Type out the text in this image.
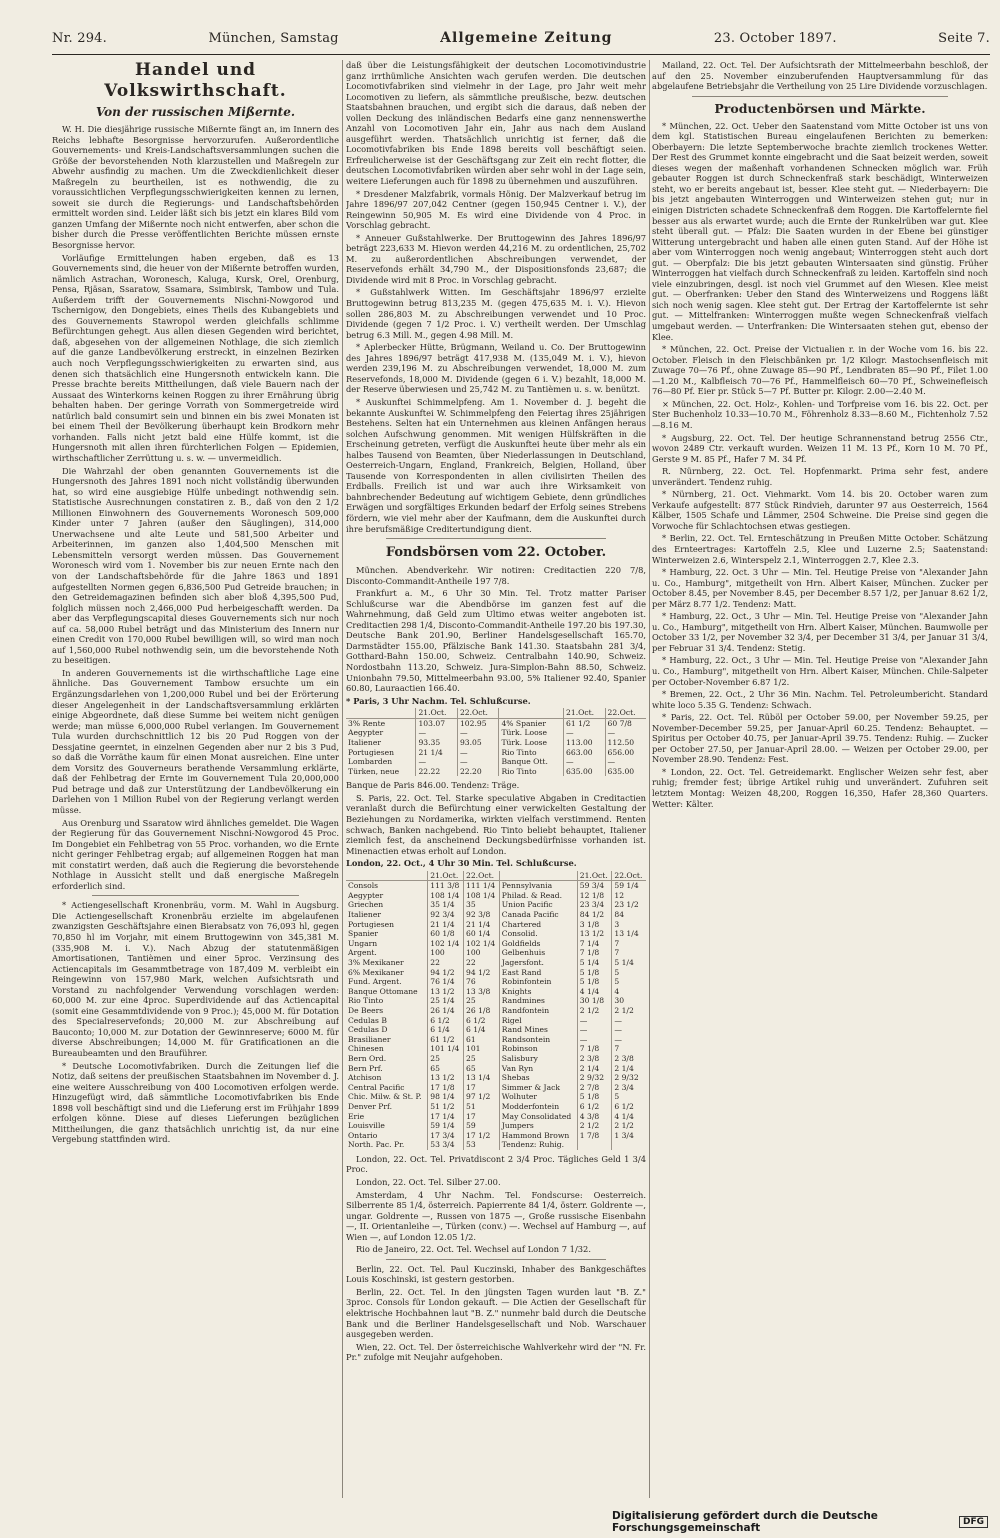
Nr. 294.	München, Samstag	Allgemeine Zeitung	23. October 1897.	Seite 7.
Handel und Volkswirthschaft.
Von der russischen Mißernte.

W. H. Die diesjährige russische Mißernte fängt an, im Innern des Reichs lebhafte Besorgnisse hervorzurufen. Außerordentliche Gouvernements- und Kreis-Landschaftsversammlungen suchen die Größe der bevorstehenden Noth klarzustellen und Maßregeln zur Abwehr ausfindig zu machen. Um die Zweckdienlichkeit dieser Maßregeln zu beurtheilen, ist es nothwendig, die zu voraussichtlichen Verpflegungsschwierigkeiten kennen zu lernen, soweit sie durch die Regierungs- und Landschaftsbehörden ermittelt worden sind. Leider läßt sich bis jetzt ein klares Bild vom ganzen Umfang der Mißernte noch nicht entwerfen, aber schon die bisher durch die Presse veröffentlichten Berichte müssen ernste Besorgnisse hervor.

Vorläufige Ermittelungen haben ergeben, daß es 13 Gouvernements sind, die heuer von der Mißernte betroffen wurden, nämlich Astrachan, Woronesch, Kaluga, Kursk, Orel, Orenburg, Pensa, Rjäsan, Ssaratow, Ssamara, Ssimbirsk, Tambow und Tula. Außerdem trifft der Gouvernements Nischni-Nowgorod und Tschernigow, den Dongebiets, eines Theils des Kubangebiets und des Gouvernements Stawropol werden gleichfalls schlimme Befürchtungen gehegt. Aus allen diesen Gegenden wird berichtet, daß, abgesehen von der allgemeinen Nothlage, die sich ziemlich auf die ganze Landbevölkerung erstreckt, in einzelnen Bezirken auch noch Verpflegungsschwierigkeiten zu erwarten sind, aus denen sich thatsächlich eine Hungersnoth entwickeln kann. Die Presse brachte bereits Mittheilungen, daß viele Bauern nach der Aussaat des Winterkorns keinen Roggen zu ihrer Ernährung übrig behalten haben. Der geringe Vorrath von Sommergetreide wird natürlich bald consumirt sein und binnen ein bis zwei Monaten ist bei einem Theil der Bevölkerung überhaupt kein Brodkorn mehr vorhanden. Falls nicht jetzt bald eine Hülfe kommt, ist die Hungersnoth mit allen ihren fürchterlichen Folgen — Epidemien, wirthschaftlicher Zerrüttung u. s. w. — unvermeidlich.

Die Wahrzahl der oben genannten Gouvernements ist die Hungersnoth des Jahres 1891 noch nicht vollständig überwunden hat, so wird eine ausgiebige Hülfe unbedingt nothwendig sein. Statistische Ausrechnungen constatiren z. B., daß von den 2 1/2 Millionen Einwohnern des Gouvernements Woronesch 509,000 Kinder unter 7 Jahren (außer den Säuglingen), 314,000 Unerwachsene und alte Leute und 581,500 Arbeiter und Arbeiterinnen, im ganzen also 1,404,500 Menschen mit Lebensmitteln versorgt werden müssen. Das Gouvernement Woronesch wird vom 1. November bis zur neuen Ernte nach den von der Landschaftsbehörde für die Jahre 1863 und 1891 aufgestellten Normen gegen 6,836,500 Pud Getreide brauchen; in den Getreidemagazinen befinden sich aber bloß 4,395,500 Pud, folglich müssen noch 2,466,000 Pud herbeigeschafft werden. Da aber das Verpflegungscapital dieses Gouvernements sich nur noch auf ca. 58,000 Rubel beträgt und das Ministerium des Innern nur einen Credit von 170,000 Rubel bewilligen will, so wird man noch auf 1,560,000 Rubel nothwendig sein, um die bevorstehende Noth zu beseitigen.

In anderen Gouvernements ist die wirthschaftliche Lage eine ähnliche. Das Gouvernement Tambow ersuchte um ein Ergänzungsdarlehen von 1,200,000 Rubel und bei der Erörterung dieser Angelegenheit in der Landschaftsversammlung erklärten einige Abgeordnete, daß diese Summe bei weitem nicht genügen werde; man müsse 6,000,000 Rubel verlangen. Im Gouvernement Tula wurden durchschnittlich 12 bis 20 Pud Roggen von der Dessjatine geerntet, in einzelnen Gegenden aber nur 2 bis 3 Pud, so daß die Vorräthe kaum für einen Monat ausreichen. Eine unter dem Vorsitz des Gouverneurs berathende Versammlung erklärte, daß der Fehlbetrag der Ernte im Gouvernement Tula 20,000,000 Pud betrage und daß zur Unterstützung der Landbevölkerung ein Darlehen von 1 Million Rubel von der Regierung verlangt werden müsse.

Aus Orenburg und Ssaratow wird ähnliches gemeldet. Die Wagen der Regierung für das Gouvernement Nischni-Nowgorod 45 Proc. Im Dongebiet ein Fehlbetrag von 55 Proc. vorhanden, wo die Ernte nicht geringer Fehlbetrag ergab; auf allgemeinen Roggen hat man mit constatirt werden, daß auch die Regierung die bevorstehende Nothlage in Aussicht stellt und daß energische Maßregeln erforderlich sind.

* Actiengesellschaft Kronenbräu, vorm. M. Wahl in Augsburg. Die Actiengesellschaft Kronenbräu erzielte im abgelaufenen zwanzigsten Geschäftsjahre einen Bierabsatz von 76,093 hl, gegen 70,850 hl im Vorjahr, mit einem Bruttogewinn von 345,381 M. (335,908 M. i. V.). Nach Abzug der statutenmäßigen Amortisationen, Tantièmen und einer 5proc. Verzinsung des Actiencapitals im Gesammtbetrage von 187,409 M. verbleibt ein Reingewinn von 157,980 Mark, welchen Aufsichtsrath und Vorstand zu nachfolgender Verwendung vorschlagen werden: 60,000 M. zur eine 4proc. Superdividende auf das Actiencapital (somit eine Gesammtdividende von 9 Proc.); 45,000 M. für Dotation des Specialreservefonds; 20,000 M. zur Abschreibung auf Bauconto; 10,000 M. zur Dotation der Gewinnreserve; 6000 M. für diverse Abschreibungen; 14,000 M. für Gratificationen an die Bureaubeamten und den Brauführer.

* Deutsche Locomotivfabriken. Durch die Zeitungen lief die Notiz, daß seitens der preußischen Staatsbahnen im November d. J. eine weitere Ausschreibung von 400 Locomotiven erfolgen werde. Hinzugefügt wird, daß sämmtliche Locomotivfabriken bis Ende 1898 voll beschäftigt sind und die Lieferung erst im Frühjahr 1899 erfolgen könne. Diese auf dieses Lieferungen bezüglichen Mittheilungen, die ganz thatsächlich unrichtig ist, da nur eine Vergebung stattfinden wird.

daß über die Leistungsfähigkeit der deutschen Locomotivindustrie ganz irrthümliche Ansichten wach gerufen werden. Die deutschen Locomotivfabriken sind vielmehr in der Lage, pro Jahr weit mehr Locomotiven zu liefern, als sämmtliche preußische, bezw. deutschen Staatsbahnen brauchen, und ergibt sich die daraus, daß neben der vollen Deckung des inländischen Bedarfs eine ganz nennenswerthe Anzahl von Locomotiven Jahr ein, Jahr aus nach dem Ausland ausgeführt werden. Thatsächlich unrichtig ist ferner, daß die Locomotivfabriken bis Ende 1898 bereits voll beschäftigt seien. Erfreulicherweise ist der Geschäftsgang zur Zeit ein recht flotter, die deutschen Locomotivfabriken würden aber sehr wohl in der Lage sein, weitere Lieferungen auch für 1898 zu übernehmen und auszuführen.

* Dresdener Malzfabrik, vormals Hönig. Der Malzverkauf betrug im Jahre 1896/97 207,042 Centner (gegen 150,945 Centner i. V.), der Reingewinn 50,905 M. Es wird eine Dividende von 4 Proc. in Vorschlag gebracht.

* Anneuer Gußstahlwerke. Der Bruttogewinn des Jahres 1896/97 beträgt 223,633 M. Hievon werden 44,216 M. zu ordentlichen, 25,702 M. zu außerordentlichen Abschreibungen verwendet, der Reservefonds erhält 34,790 M., der Dispositionsfonds 23,687; die Dividende wird mit 8 Proc. in Vorschlag gebracht.

* Gußstahlwerk Witten. Im Geschäftsjahr 1896/97 erzielte Bruttogewinn betrug 813,235 M. (gegen 475,635 M. i. V.). Hievon sollen 286,803 M. zu Abschreibungen verwendet und 10 Proc. Dividende (gegen 7 1/2 Proc. i. V.) vertheilt werden. Der Umschlag betrug 6.3 Mill. M., gegen 4.98 Mill. M.

* Aplerbecker Hütte, Brügmann, Weiland u. Co. Der Bruttogewinn des Jahres 1896/97 beträgt 417,938 M. (135,049 M. i. V.), hievon werden 239,196 M. zu Abschreibungen verwendet, 18,000 M. zum Reservefonds, 18,000 M. Dividende (gegen 6 i. V.) bezahlt, 18,000 M. der Reserve überwiesen und 25,742 M. zu Tantièmen u. s. w. benützt.

* Auskunftei Schimmelpfeng. Am 1. November d. J. begeht die bekannte Auskunftei W. Schimmelpfeng den Feiertag ihres 25jährigen Bestehens. Selten hat ein Unternehmen aus kleinen Anfängen heraus solchen Aufschwung genommen. Mit wenigen Hülfskräften in die Erscheinung getreten, verfügt die Auskunftei heute über mehr als ein halbes Tausend von Beamten, über Niederlassungen in Deutschland, Oesterreich-Ungarn, England, Frankreich, Belgien, Holland, über Tausende von Korrespondenten in allen civilisirten Theilen des Erdballs. Freilich ist und war auch ihre Wirksamkeit von bahnbrechender Bedeutung auf wichtigem Gebiete, denn gründliches Erwägen und sorgfältiges Erkunden bedarf der Erfolg seines Strebens fördern, wie viel mehr aber der Kaufmann, dem die Auskunftei durch ihre berufsmäßige Creditertundigung dient.

Fondsbörsen vom 22. October.

München. Abendverkehr. Wir notiren: Creditactien 220 7/8, Disconto-Commandit-Antheile 197 7/8.

Frankfurt a. M., 6 Uhr 30 Min. Tel. Trotz matter Pariser Schlußcurse war die Abendbörse im ganzen fest auf die Wahrnehmung, daß Geld zum Ultimo etwas weiter angeboten ist. Creditactien 298 1/4, Disconto-Commandit-Antheile 197.20 bis 197.30, Deutsche Bank 201.90, Berliner Handelsgesellschaft 165.70, Darmstädter 155.00, Pfälzische Bank 141.30. Staatsbahn 281 3/4, Gotthard-Bahn 150.00, Schweiz. Centralbahn 140.90, Schweiz. Nordostbahn 113.20, Schweiz. Jura-Simplon-Bahn 88.50, Schweiz. Unionbahn 79.50, Mittelmeerbahn 93.00, 5% Italiener 92.40, Spanier 60.80, Lauraactien 166.40.

* Paris, 3 Uhr Nachm. Tel. Schlußcurse.

	21.Oct.	22.Oct.		21.Oct.	22.Oct.
3% Rente	103.07	102.95	4% Spanier	61 1/2	60 7/8
Aegypter	—	—	Türk. Loose	—	—
Italiener	93.35	93.05	Türk. Loose	113.00	112.50
Portugiesen	21 1/4	—	Rio Tinto	663.00	656.00
Lombarden	—	—	Banque Ott.	—	—
Türken, neue	22.22	22.20	Rio Tinto	635.00	635.00

Banque de Paris 846.00. Tendenz: Träge.

S. Paris, 22. Oct. Tel. Starke speculative Abgaben in Creditactien veranlaßt durch die Befürchtung einer verwickelten Gestaltung der Beziehungen zu Nordamerika, wirkten vielfach verstimmend. Renten schwach, Banken nachgebend. Rio Tinto beliebt behauptet, Italiener ziemlich fest, da anscheinend Deckungsbedürfnisse vorhanden ist. Minenactien etwas erholt auf London.

London, 22. Oct., 4 Uhr 30 Min. Tel. Schlußcurse.

	21.Oct.	22.Oct.		21.Oct.	22.Oct.
Consols	111 3/8	111 1/4	Pennsylvania	59 3/4	59 1/4
Aegypter	108 1/4	108 1/4	Philad. & Read.	12 1/8	12
Griechen	35 1/4	35	Union Pacific	23 3/4	23 1/2
Italiener	92 3/4	92 3/8	Canada Pacific	84 1/2	84
Portugiesen	21 1/4	21 1/4	Chartered	3 1/8	3
Spanier	60 1/8	60 1/4	Consolid.	13 1/2	13 1/4
Ungarn	102 1/4	102 1/4	Goldfields	7 1/4	7
Argent.	100	100	Gelbenhuis	7 1/8	7
3% Mexikaner	22	22	Jagersfont.	5 1/4	5 1/4
6% Mexikaner	94 1/2	94 1/2	East Rand	5 1/8	5
Fund. Argent.	76 1/4	76	Robinfontein	5 1/8	5
Banque Ottomane	13 1/2	13 3/8	Knights	4 1/4	4
Rio Tinto	25 1/4	25	Randmines	30 1/8	30
De Beers	26 1/4	26 1/8	Randfontein	2 1/2	2 1/2
Cedulas B	6 1/2	6 1/2	Rigel	—	—
Cedulas D	6 1/4	6 1/4	Rand Mines	—	—
Brasilianer	61 1/2	61	Randsontein	—	—
Chinesen	101 1/4	101	Robinson	7 1/8	7
Bern Ord.	25	25	Salisbury	2 3/8	2 3/8
Bern Prf.	65	65	Van Ryn	2 1/4	2 1/4
Atchison	13 1/2	13 1/4	Shebas	2 9/32	2 9/32
Central Pacific	17 1/8	17	Simmer & Jack	2 7/8	2 3/4
Chic. Milw. & St. P.	98 1/4	97 1/2	Wolhuter	5 1/8	5
Denver Prf.	51 1/2	51	Modderfontein	6 1/2	6 1/2
Erie	17 1/4	17	May Consolidated	4 3/8	4 1/4
Louisville	59 1/4	59	Jumpers	2 1/2	2 1/2
Ontario	17 3/4	17 1/2	Hammond Brown	1 7/8	1 3/4
North. Pac. Pr.	53 3/4	53	Tendenz: Ruhig.		

London, 22. Oct. Tel. Privatdiscont 2 3/4 Proc. Tägliches Geld 1 3/4 Proc.

London, 22. Oct. Tel. Silber 27.00.

Amsterdam, 4 Uhr Nachm. Tel. Fondscurse: Oesterreich. Silberrente 85 1/4, österreich. Papierrente 84 1/4, österr. Goldrente —, ungar. Goldrente —, Russen von 1875 —, Große russische Eisenbahn —, II. Orientanleihe —, Türken (conv.) —. Wechsel auf Hamburg —, auf Wien —, auf London 12.05 1/2.

Rio de Janeiro, 22. Oct. Tel. Wechsel auf London 7 1/32.

Berlin, 22. Oct. Tel. Paul Kuczinski, Inhaber des Bankgeschäftes Louis Koschinski, ist gestern gestorben.

Berlin, 22. Oct. Tel. In den jüngsten Tagen wurden laut "B. Z." 3proc. Consols für London gekauft. — Die Actien der Gesellschaft für elektrische Hochbahnen laut "B. Z." nunmehr bald durch die Deutsche Bank und die Berliner Handelsgesellschaft und Nob. Warschauer ausgegeben werden.

Wien, 22. Oct. Tel. Der österreichische Wahlverkehr wird der "N. Fr. Pr." zufolge mit Neujahr aufgehoben.

Mailand, 22. Oct. Tel. Der Aufsichtsrath der Mittelmeerbahn beschloß, der auf den 25. November einzuberufenden Hauptversammlung für das abgelaufene Betriebsjahr die Vertheilung von 25 Lire Dividende vorzuschlagen.

Productenbörsen und Märkte.

* München, 22. Oct. Ueber den Saatenstand vom Mitte October ist uns von dem kgl. Statistischen Bureau eingelaufenen Berichten zu bemerken: Oberbayern: Die letzte Septemberwoche brachte ziemlich trockenes Wetter. Der Rest des Grummet konnte eingebracht und die Saat beizeit werden, soweit dieses wegen der maßenhaft vorhandenen Schnecken möglich war. Früh gebauter Roggen ist durch Schneckenfraß stark beschädigt, Winterweizen steht, wo er bereits angebaut ist, besser. Klee steht gut. — Niederbayern: Die bis jetzt angebauten Winterroggen und Winterweizen stehen gut; nur in einigen Districten schadete Schneckenfraß dem Roggen. Die Kartoffelernte fiel besser aus als erwartet wurde; auch die Ernte der Runkelrüben war gut. Klee steht überall gut. — Pfalz: Die Saaten wurden in der Ebene bei günstiger Witterung untergebracht und haben alle einen guten Stand. Auf der Höhe ist aber vom Winterroggen noch wenig angebaut; Winterroggen steht auch dort gut. — Oberpfalz: Die bis jetzt gebauten Wintersaaten sind günstig. Früher Winterroggen hat vielfach durch Schneckenfraß zu leiden. Kartoffeln sind noch viele einzubringen, desgl. ist noch viel Grummet auf den Wiesen. Klee meist gut. — Oberfranken: Ueber den Stand des Winterweizens und Roggens läßt sich noch wenig sagen. Klee steht gut. Der Ertrag der Kartoffelernte ist sehr gut. — Mittelfranken: Winterroggen mußte wegen Schneckenfraß vielfach umgebaut werden. — Unterfranken: Die Wintersaaten stehen gut, ebenso der Klee.

* München, 22. Oct. Preise der Victualien r. in der Woche vom 16. bis 22. October. Fleisch in den Fleischbänken pr. 1/2 Kilogr. Mastochsenfleisch mit Zuwage 70—76 Pf., ohne Zuwage 85—90 Pf., Lendbraten 85—90 Pf., Filet 1.00—1.20 M., Kalbfleisch 70—76 Pf., Hammelfleisch 60—70 Pf., Schweinefleisch 76—80 Pf. Eier pr. Stück 5—7 Pf. Butter pr. Kilogr. 2.00—2.40 M.

× München, 22. Oct. Holz-, Kohlen- und Torfpreise vom 16. bis 22. Oct. per Ster Buchenholz 10.33—10.70 M., Föhrenholz 8.33—8.60 M., Fichtenholz 7.52—8.16 M.

* Augsburg, 22. Oct. Tel. Der heutige Schrannenstand betrug 2556 Ctr., wovon 2489 Ctr. verkauft wurden. Weizen 11 M. 13 Pf., Korn 10 M. 70 Pf., Gerste 9 M. 85 Pf., Hafer 7 M. 34 Pf.

R. Nürnberg, 22. Oct. Tel. Hopfenmarkt. Prima sehr fest, andere unverändert. Tendenz ruhig.

* Nürnberg, 21. Oct. Viehmarkt. Vom 14. bis 20. October waren zum Verkaufe aufgestellt: 877 Stück Rindvieh, darunter 97 aus Oesterreich, 1564 Kälber, 1505 Schafe und Lämmer, 2504 Schweine. Die Preise sind gegen die Vorwoche für Schlachtochsen etwas gestiegen.

* Berlin, 22. Oct. Tel. Ernteschätzung in Preußen Mitte October. Schätzung des Ernteertrages: Kartoffeln 2.5, Klee und Luzerne 2.5; Saatenstand: Winterweizen 2.6, Winterspelz 2.1, Winterroggen 2.7, Klee 2.3.

* Hamburg, 22. Oct. 3 Uhr — Min. Tel. Heutige Preise von "Alexander Jahn u. Co., Hamburg", mitgetheilt von Hrn. Albert Kaiser, München. Zucker per October 8.45, per November 8.45, per December 8.57 1/2, per Januar 8.62 1/2, per März 8.77 1/2. Tendenz: Matt.

* Hamburg, 22. Oct., 3 Uhr — Min. Tel. Heutige Preise von "Alexander Jahn u. Co., Hamburg", mitgetheilt von Hrn. Albert Kaiser, München. Baumwolle per October 33 1/2, per November 32 3/4, per December 31 3/4, per Januar 31 3/4, per Februar 31 3/4. Tendenz: Stetig.

* Hamburg, 22. Oct., 3 Uhr — Min. Tel. Heutige Preise von "Alexander Jahn u. Co., Hamburg", mitgetheilt von Hrn. Albert Kaiser, München. Chile-Salpeter per October-November 6.87 1/2.

* Bremen, 22. Oct., 2 Uhr 36 Min. Nachm. Tel. Petroleumbericht. Standard white loco 5.35 G. Tendenz: Schwach.

* Paris, 22. Oct. Tel. Rüböl per October 59.00, per November 59.25, per November-December 59.25, per Januar-April 60.25. Tendenz: Behauptet. — Spiritus per October 40.75, per Januar-April 39.75. Tendenz: Ruhig. — Zucker per October 27.50, per Januar-April 28.00. — Weizen per October 29.00, per November 28.90. Tendenz: Fest.

* London, 22. Oct. Tel. Getreidemarkt. Englischer Weizen sehr fest, aber ruhig; fremder fest; übrige Artikel ruhig und unverändert. Zufuhren seit letztem Montag: Weizen 48,200, Roggen 16,350, Hafer 28,360 Quarters. Wetter: Kälter.

Digitalisierung gefördert durch die Deutsche Forschungsgemeinschaft	DFG
